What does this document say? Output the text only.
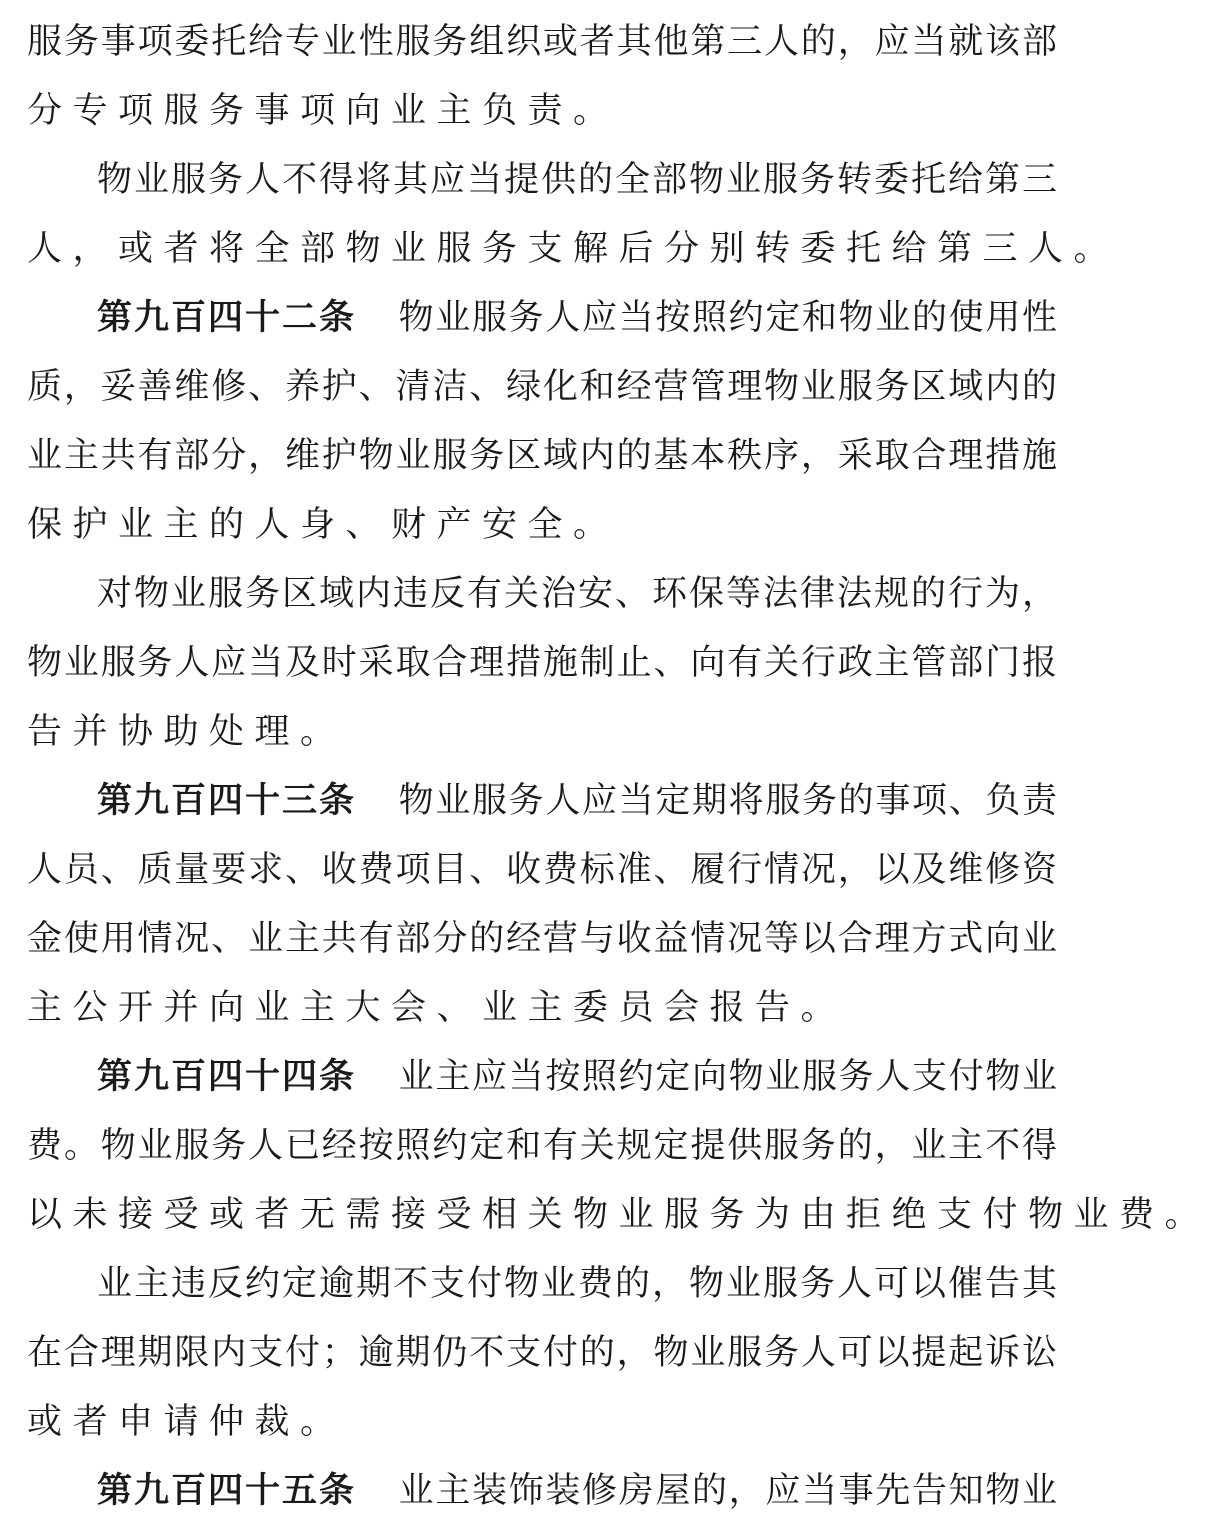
服务事项委托给专业性服务组织或者其他第三人的，应当就该部
分专项服务事项向业主负责。
物业服务人不得将其应当提供的全部物业服务转委托给第三
人，或者将全部物业服务支解后分别转委托给第三人。
第九百四十二条 物业服务人应当按照约定和物业的使用性
质，妥善维修、养护、清洁、绿化和经营管理物业服务区域内的
业主共有部分，维护物业服务区域内的基本秩序，采取合理措施
保护业主的人身、财产安全。
对物业服务区域内违反有关治安、环保等法律法规的行为，
物业服务人应当及时采取合理措施制止、向有关行政主管部门报
告并协助处理。
第九百四十三条 物业服务人应当定期将服务的事项、负责
人员、质量要求、收费项目、收费标准、履行情况，以及维修资
金使用情况、业主共有部分的经营与收益情况等以合理方式向业
主公开并向业主大会、业主委员会报告。
第九百四十四条 业主应当按照约定向物业服务人支付物业
费。物业服务人已经按照约定和有关规定提供服务的，业主不得
以未接受或者无需接受相关物业服务为由拒绝支付物业费。
业主违反约定逾期不支付物业费的，物业服务人可以催告其
在合理期限内支付；逾期仍不支付的，物业服务人可以提起诉讼
或者申请仲裁。
第九百四十五条 业主装饰装修房屋的，应当事先告知物业
